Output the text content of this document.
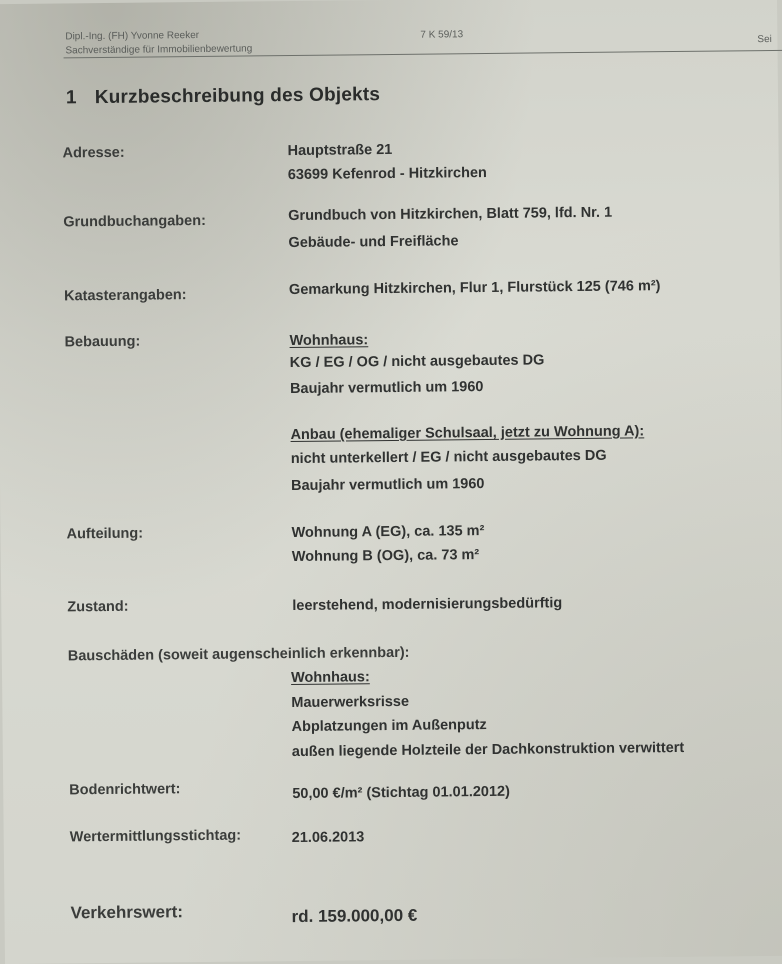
Dipl.-Ing. (FH) Yvonne Reeker
Sachverständige für Immobilienbewertung
7 K 59/13	Sei
1 Kurzbeschreibung des Objekts
Adresse:	Hauptstraße 21
63699 Kefenrod - Hitzkirchen
Grundbuchangaben:	Grundbuch von Hitzkirchen, Blatt 759, lfd. Nr. 1
Gebäude- und Freifläche
Katasterangaben:	Gemarkung Hitzkirchen, Flur 1, Flurstück 125 (746 m²)
Bebauung:	Wohnhaus:
KG / EG / OG / nicht ausgebautes DG
Baujahr vermutlich um 1960
Anbau (ehemaliger Schulsaal, jetzt zu Wohnung A):
nicht unterkellert / EG / nicht ausgebautes DG
Baujahr vermutlich um 1960
Aufteilung:	Wohnung A (EG), ca. 135 m²
Wohnung B (OG), ca. 73 m²
Zustand:	leerstehend, modernisierungsbedürftig
Bauschäden (soweit augenscheinlich erkennbar):
Wohnhaus:
Mauerwerksrisse
Abplatzungen im Außenputz
außen liegende Holzteile der Dachkonstruktion verwittert
Bodenrichtwert:	50,00 €/m² (Stichtag 01.01.2012)
Wertermittlungsstichtag:	21.06.2013
Verkehrswert:	rd. 159.000,00 €
